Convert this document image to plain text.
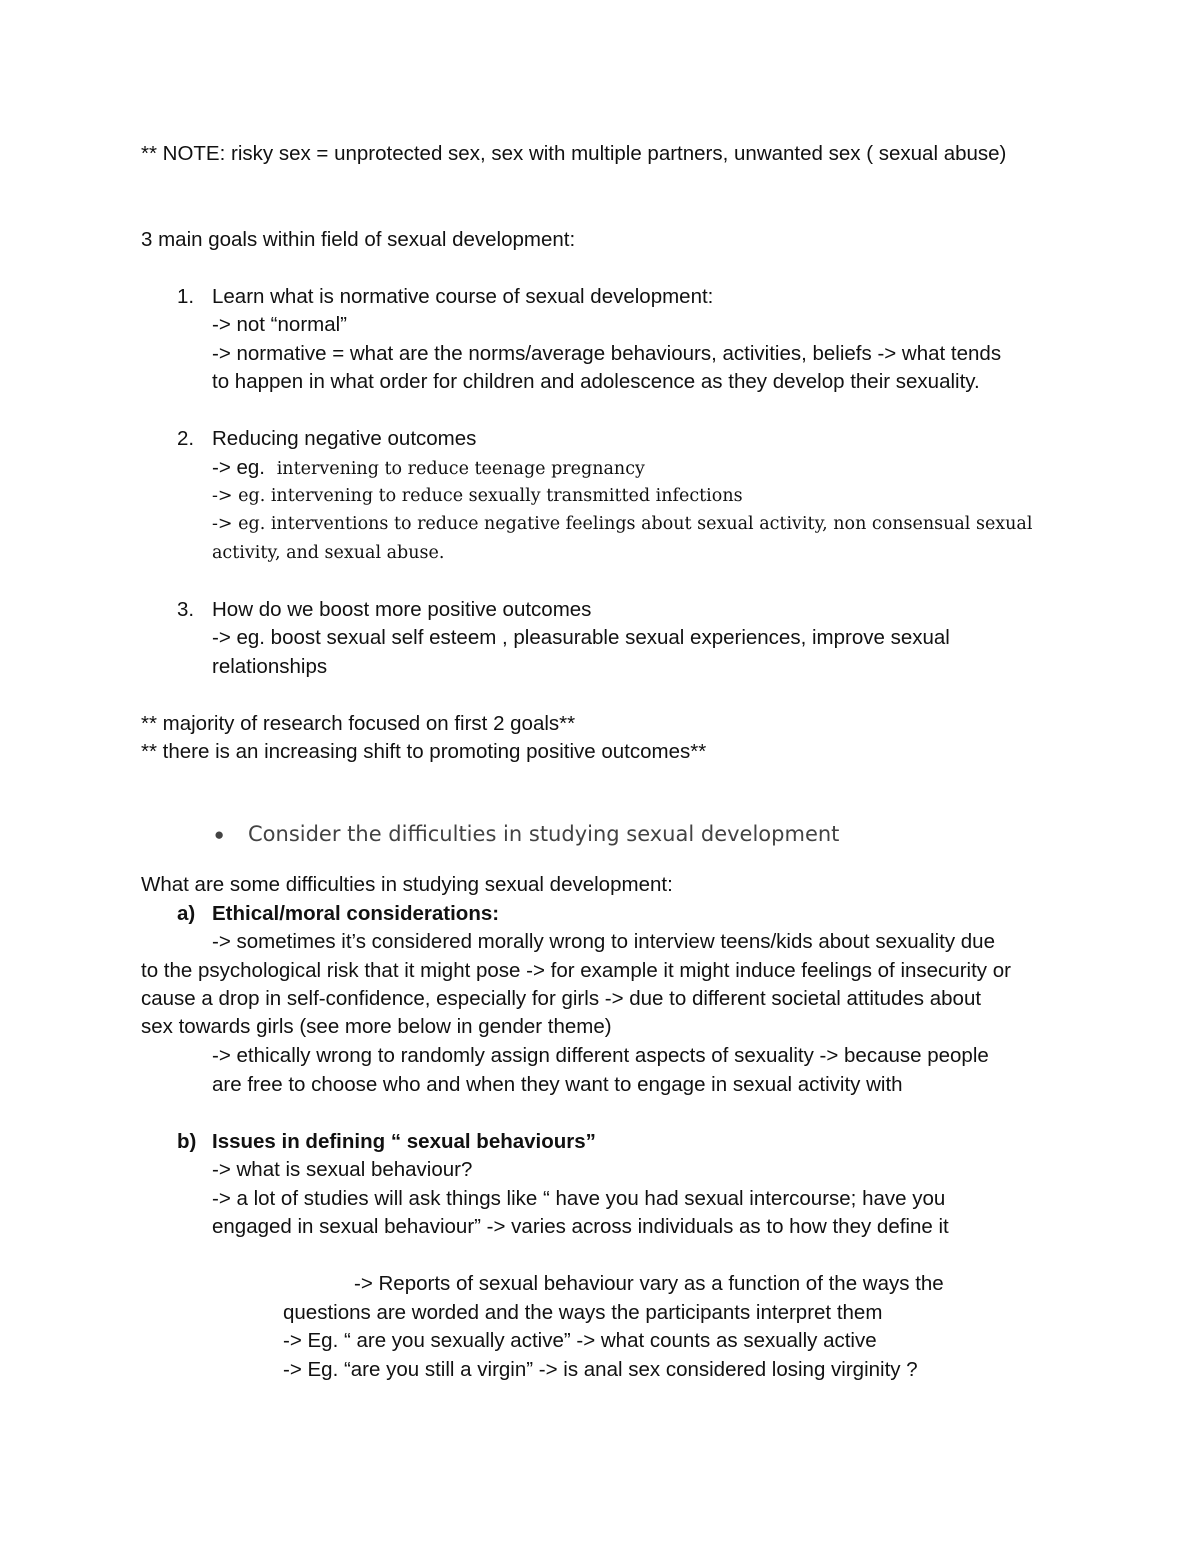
** NOTE: risky sex = unprotected sex, sex with multiple partners, unwanted sex ( sexual abuse)
3 main goals within field of sexual development:
1. Learn what is normative course of sexual development:
-> not “normal”
-> normative = what are the norms/average behaviours, activities, beliefs -> what tends
to happen in what order for children and adolescence as they develop their sexuality.
2. Reducing negative outcomes
-> eg. intervening to reduce teenage pregnancy
-> eg. intervening to reduce sexually transmitted infections
-> eg. interventions to reduce negative feelings about sexual activity, non consensual sexual
activity, and sexual abuse.
3. How do we boost more positive outcomes
-> eg. boost sexual self esteem , pleasurable sexual experiences, improve sexual
relationships
** majority of research focused on first 2 goals**
** there is an increasing shift to promoting positive outcomes**
● Consider the difficulties in studying sexual development
What are some difficulties in studying sexual development:
a) Ethical/moral considerations:
-> sometimes it’s considered morally wrong to interview teens/kids about sexuality due
to the psychological risk that it might pose -> for example it might induce feelings of insecurity or
cause a drop in self-confidence, especially for girls -> due to different societal attitudes about
sex towards girls (see more below in gender theme)
-> ethically wrong to randomly assign different aspects of sexuality -> because people
are free to choose who and when they want to engage in sexual activity with
b) Issues in defining “ sexual behaviours”
-> what is sexual behaviour?
-> a lot of studies will ask things like “ have you had sexual intercourse; have you
engaged in sexual behaviour” -> varies across individuals as to how they define it
-> Reports of sexual behaviour vary as a function of the ways the
questions are worded and the ways the participants interpret them
-> Eg. “ are you sexually active” -> what counts as sexually active
-> Eg. “are you still a virgin” -> is anal sex considered losing virginity ?
